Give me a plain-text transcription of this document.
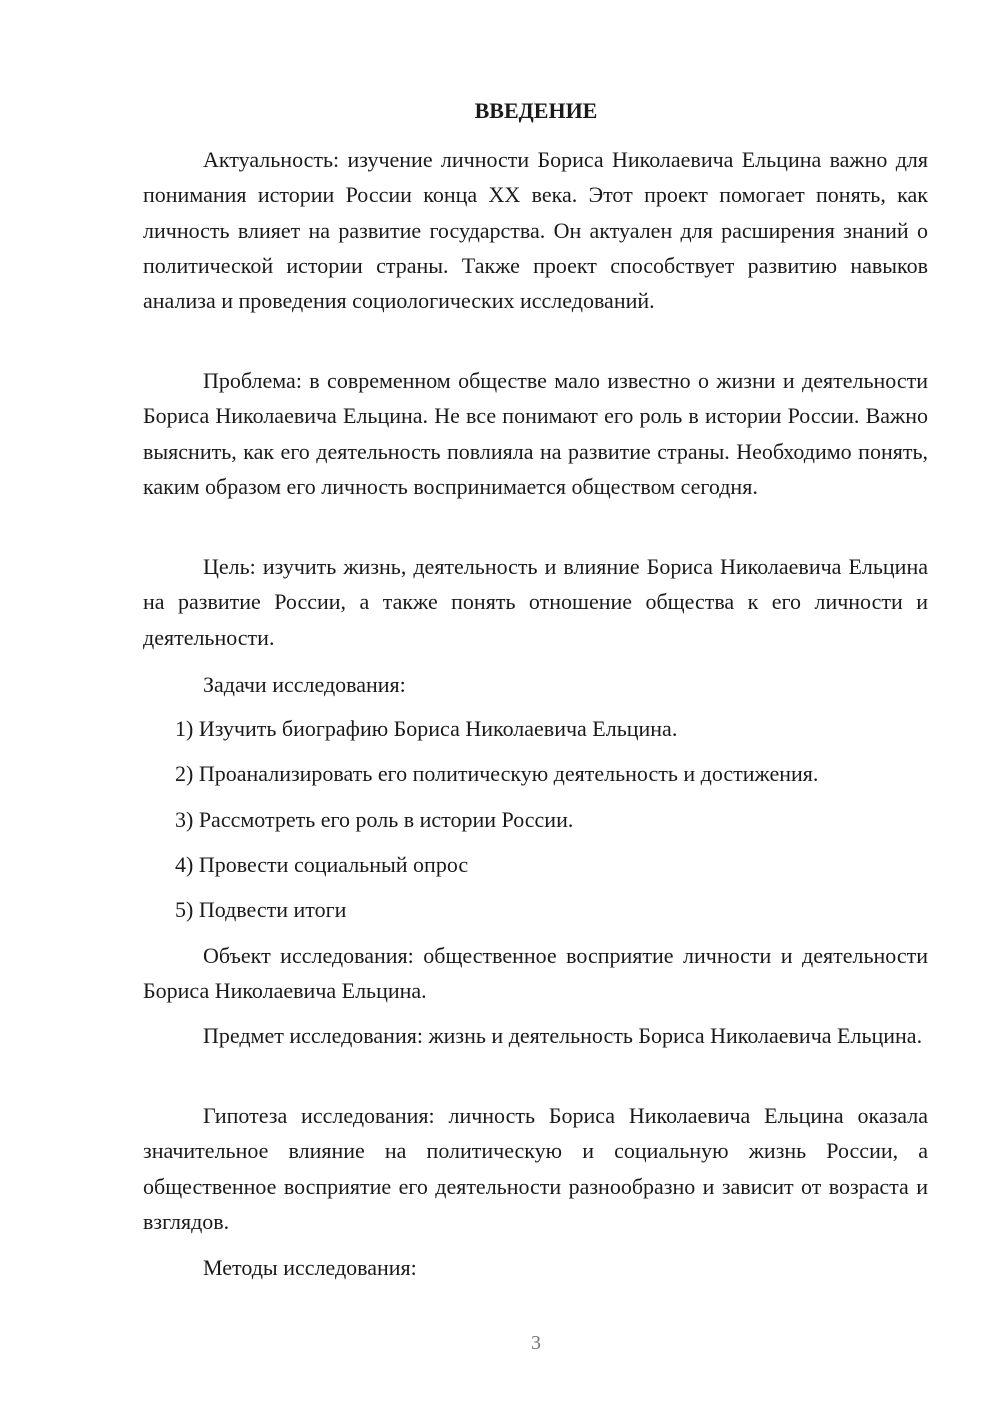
ВВЕДЕНИЕ

Актуальность: изучение личности Бориса Николаевича Ельцина важно для понимания истории России конца XX века. Этот проект помогает понять, как личность влияет на развитие государства. Он актуален для расширения знаний о политической истории страны. Также проект способствует развитию навыков анализа и проведения социологических исследований.

Проблема: в современном обществе мало известно о жизни и деятельности Бориса Николаевича Ельцина. Не все понимают его роль в истории России. Важно выяснить, как его деятельность повлияла на развитие страны. Необходимо понять, каким образом его личность воспринимается обществом сегодня.

Цель: изучить жизнь, деятельность и влияние Бориса Николаевича Ельцина на развитие России, а также понять отношение общества к его личности и деятельности.

Задачи исследования:

1) Изучить биографию Бориса Николаевича Ельцина.
2) Проанализировать его политическую деятельность и достижения.
3) Рассмотреть его роль в истории России.
4) Провести социальный опрос
5) Подвести итоги

Объект исследования: общественное восприятие личности и деятельности Бориса Николаевича Ельцина.

Предмет исследования: жизнь и деятельность Бориса Николаевича Ельцина.

Гипотеза исследования: личность Бориса Николаевича Ельцина оказала значительное влияние на политическую и социальную жизнь России, а общественное восприятие его деятельности разнообразно и зависит от возраста и взглядов.

Методы исследования:

3
